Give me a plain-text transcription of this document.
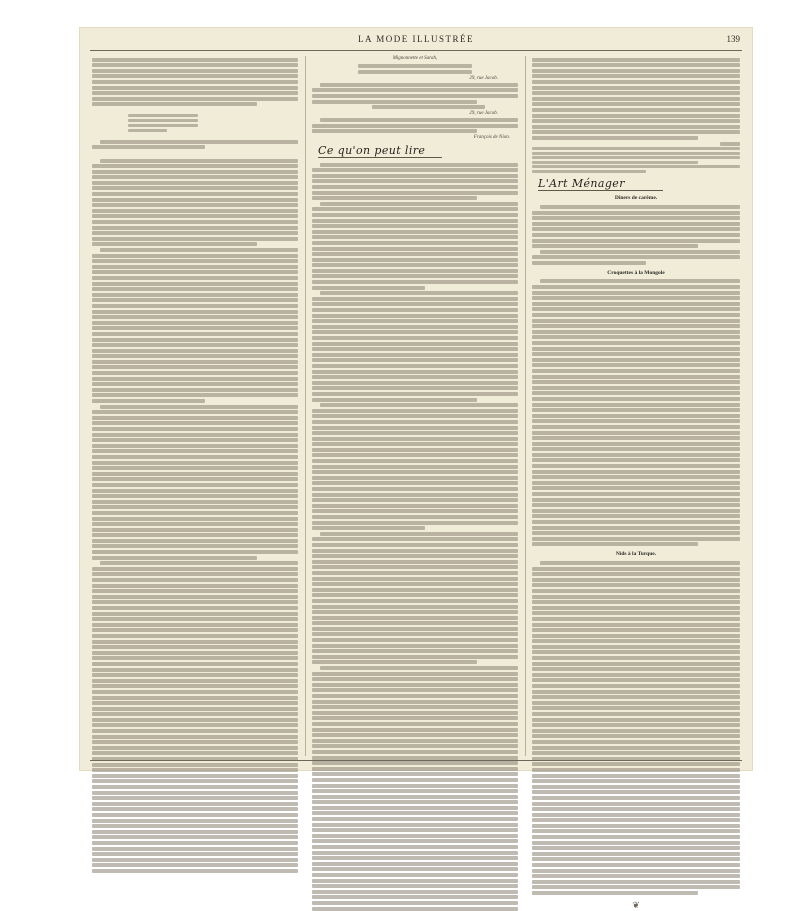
LA MODE ILLUSTRÉE	139
Mignonnette et Sarah,
29, rue Jacob.
29, rue Jacob.
François de Nion.
Ce qu'on peut lire
L'Art Ménager
Dîners de carême.
Croquettes à la Mongole
Nids à la Turque.
❦
